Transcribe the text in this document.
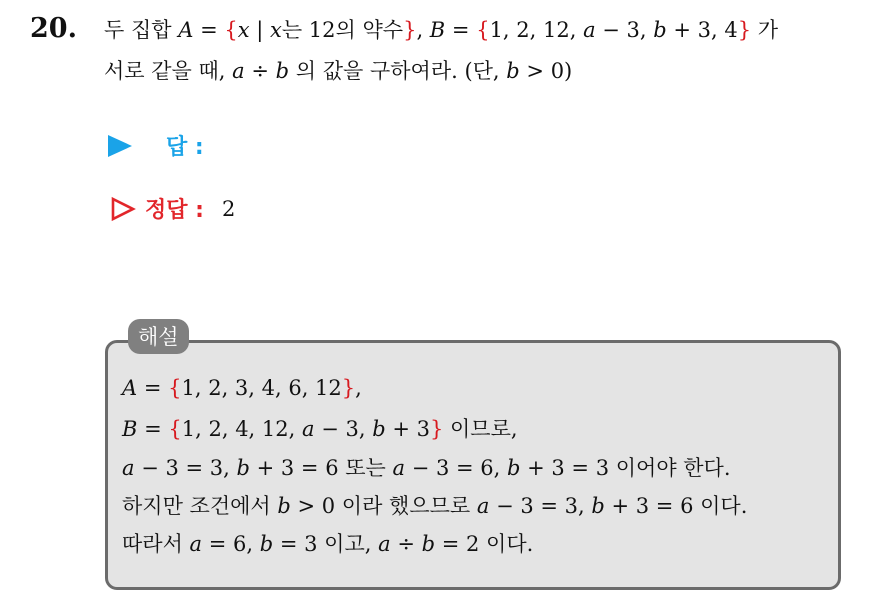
20. 두 집합 A = {x | x는 12의 약수}, B = {1, 2, 12, a − 3, b + 3, 4} 가
서로 같을 때, a ÷ b 의 값을 구하여라. (단, b > 0)
답 :
정답 : 2
해설
A = {1, 2, 3, 4, 6, 12},
B = {1, 2, 4, 12, a − 3, b + 3} 이므로,
a − 3 = 3, b + 3 = 6 또는 a − 3 = 6, b + 3 = 3 이어야 한다.
하지만 조건에서 b > 0 이라 했으므로 a − 3 = 3, b + 3 = 6 이다.
따라서 a = 6, b = 3 이고, a ÷ b = 2 이다.
